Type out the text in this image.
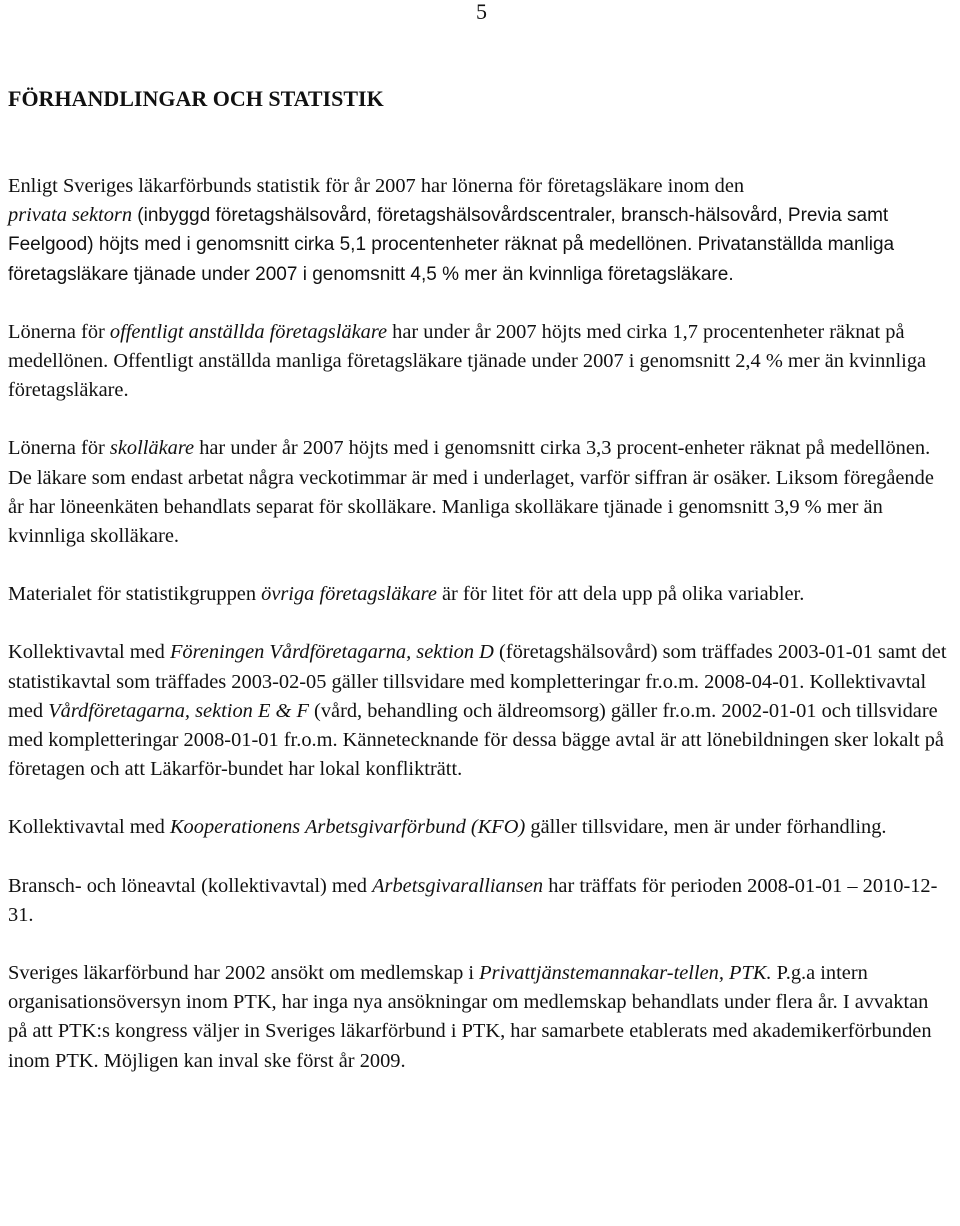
5
FÖRHANDLINGAR OCH STATISTIK

Enligt Sveriges läkarförbunds statistik för år 2007 har lönerna för företagsläkare inom den

privata sektorn (inbyggd företagshälsovård, företagshälsovårdscentraler, bransch-hälsovård, Previa samt Feelgood) höjts med i genomsnitt cirka 5,1 procentenheter räknat på medellönen. Privatanställda manliga företagsläkare tjänade under 2007 i genomsnitt 4,5 % mer än kvinnliga företagsläkare.

Lönerna för offentligt anställda företagsläkare har under år 2007 höjts med cirka 1,7 procentenheter räknat på medellönen. Offentligt anställda manliga företagsläkare tjänade under 2007 i genomsnitt 2,4 % mer än kvinnliga företagsläkare.

Lönerna för skolläkare har under år 2007 höjts med i genomsnitt cirka 3,3 procent-enheter räknat på medellönen. De läkare som endast arbetat några veckotimmar är med i underlaget, varför siffran är osäker. Liksom föregående år har löneenkäten behandlats separat för skolläkare. Manliga skolläkare tjänade i genomsnitt 3,9 % mer än kvinnliga skolläkare.

Materialet för statistikgruppen övriga företagsläkare är för litet för att dela upp på olika variabler.

Kollektivavtal med Föreningen Vårdföretagarna, sektion D (företagshälsovård) som träffades 2003-01-01 samt det statistikavtal som träffades 2003-02-05 gäller tillsvidare med kompletteringar fr.o.m. 2008-04-01. Kollektivavtal med Vårdföretagarna, sektion E & F (vård, behandling och äldreomsorg) gäller fr.o.m. 2002-01-01 och tillsvidare med kompletteringar 2008-01-01 fr.o.m. Kännetecknande för dessa bägge avtal är att lönebildningen sker lokalt på företagen och att Läkarför-bundet har lokal konflikträtt.

Kollektivavtal med Kooperationens Arbetsgivarförbund (KFO) gäller tillsvidare, men är under förhandling.

Bransch- och löneavtal (kollektivavtal) med Arbetsgivaralliansen har träffats för perioden 2008-01-01 – 2010-12-31.

Sveriges läkarförbund har 2002 ansökt om medlemskap i Privattjänstemannakar-tellen, PTK. P.g.a intern organisationsöversyn inom PTK, har inga nya ansökningar om medlemskap behandlats under flera år. I avvaktan på att PTK:s kongress väljer in Sveriges läkarförbund i PTK, har samarbete etablerats med akademikerförbunden inom PTK. Möjligen kan inval ske först år 2009.
